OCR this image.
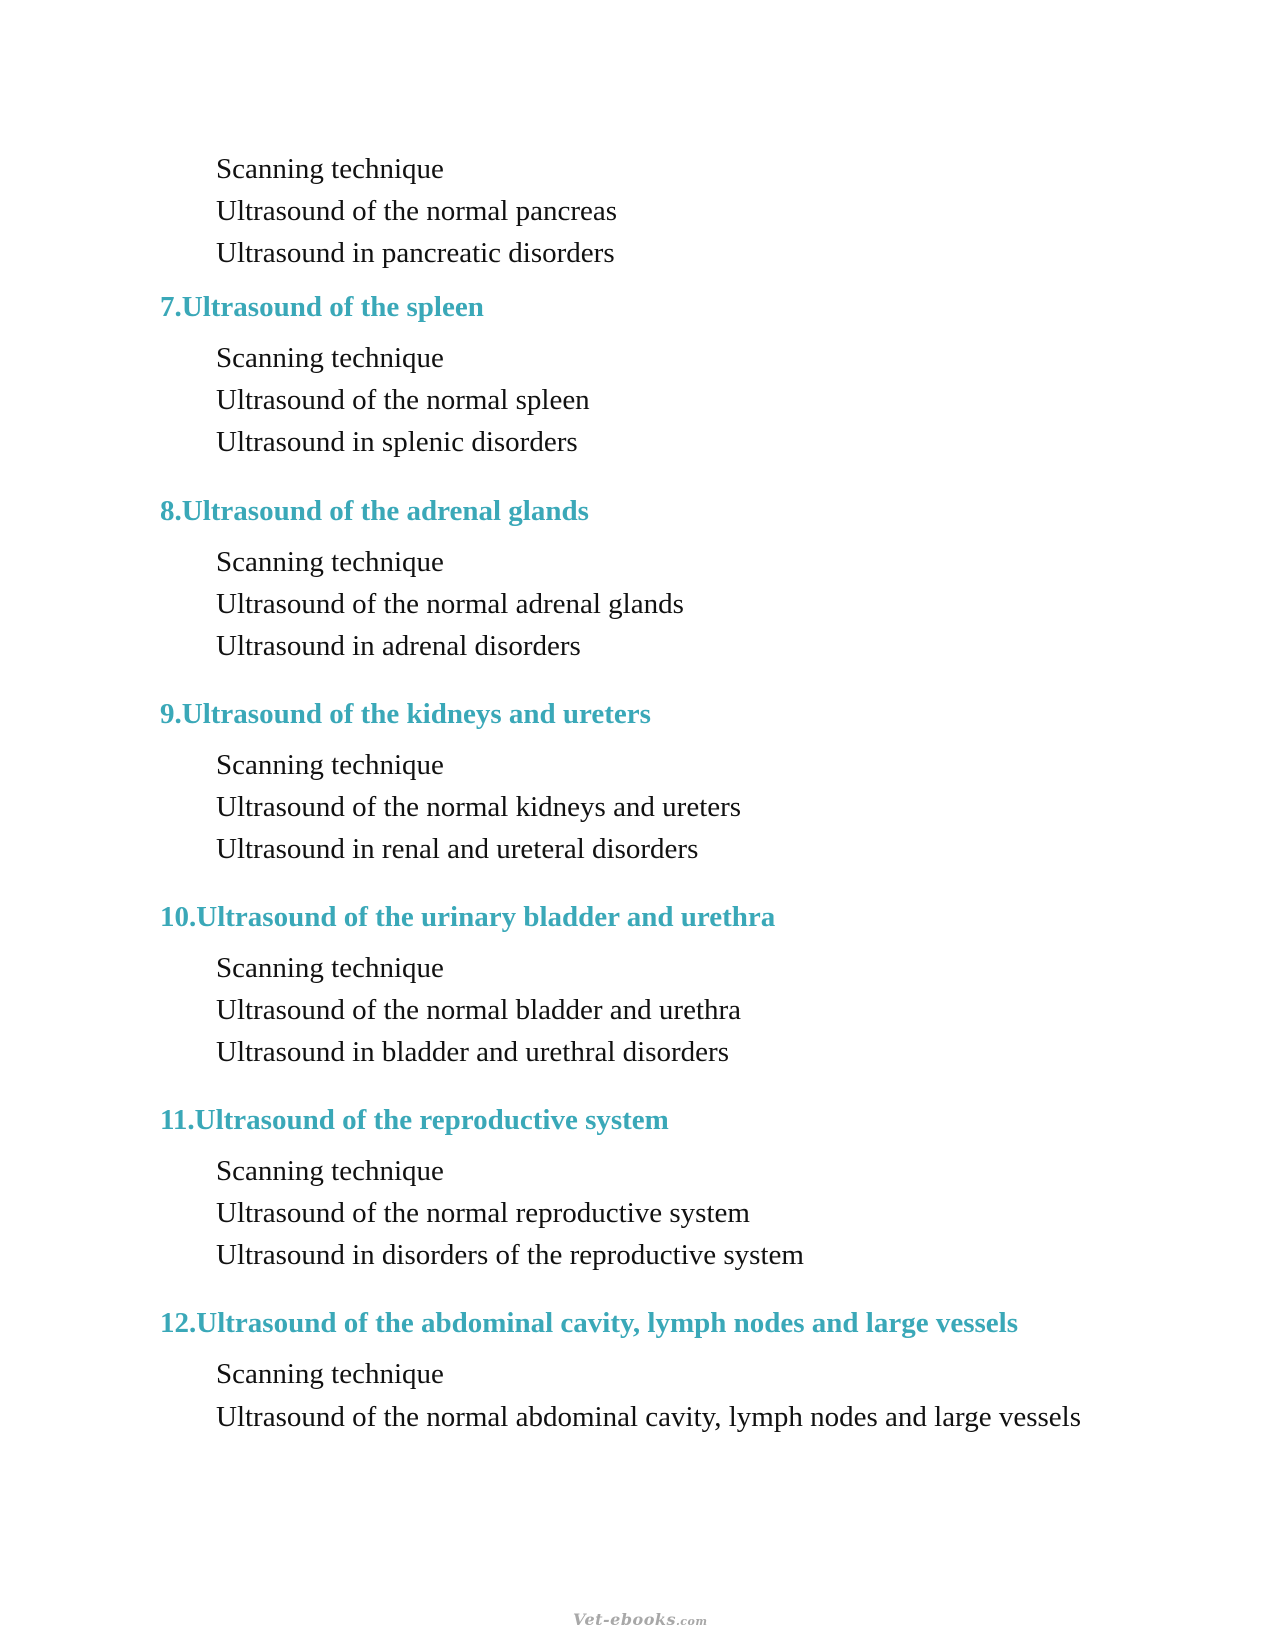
Scanning technique
Ultrasound of the normal pancreas
Ultrasound in pancreatic disorders
7.Ultrasound of the spleen
Scanning technique
Ultrasound of the normal spleen
Ultrasound in splenic disorders
8.Ultrasound of the adrenal glands
Scanning technique
Ultrasound of the normal adrenal glands
Ultrasound in adrenal disorders
9.Ultrasound of the kidneys and ureters
Scanning technique
Ultrasound of the normal kidneys and ureters
Ultrasound in renal and ureteral disorders
10.Ultrasound of the urinary bladder and urethra
Scanning technique
Ultrasound of the normal bladder and urethra
Ultrasound in bladder and urethral disorders
11.Ultrasound of the reproductive system
Scanning technique
Ultrasound of the normal reproductive system
Ultrasound in disorders of the reproductive system
12.Ultrasound of the abdominal cavity, lymph nodes and large vessels
Scanning technique
Ultrasound of the normal abdominal cavity, lymph nodes and large vessels
Vet-ebooks.com
